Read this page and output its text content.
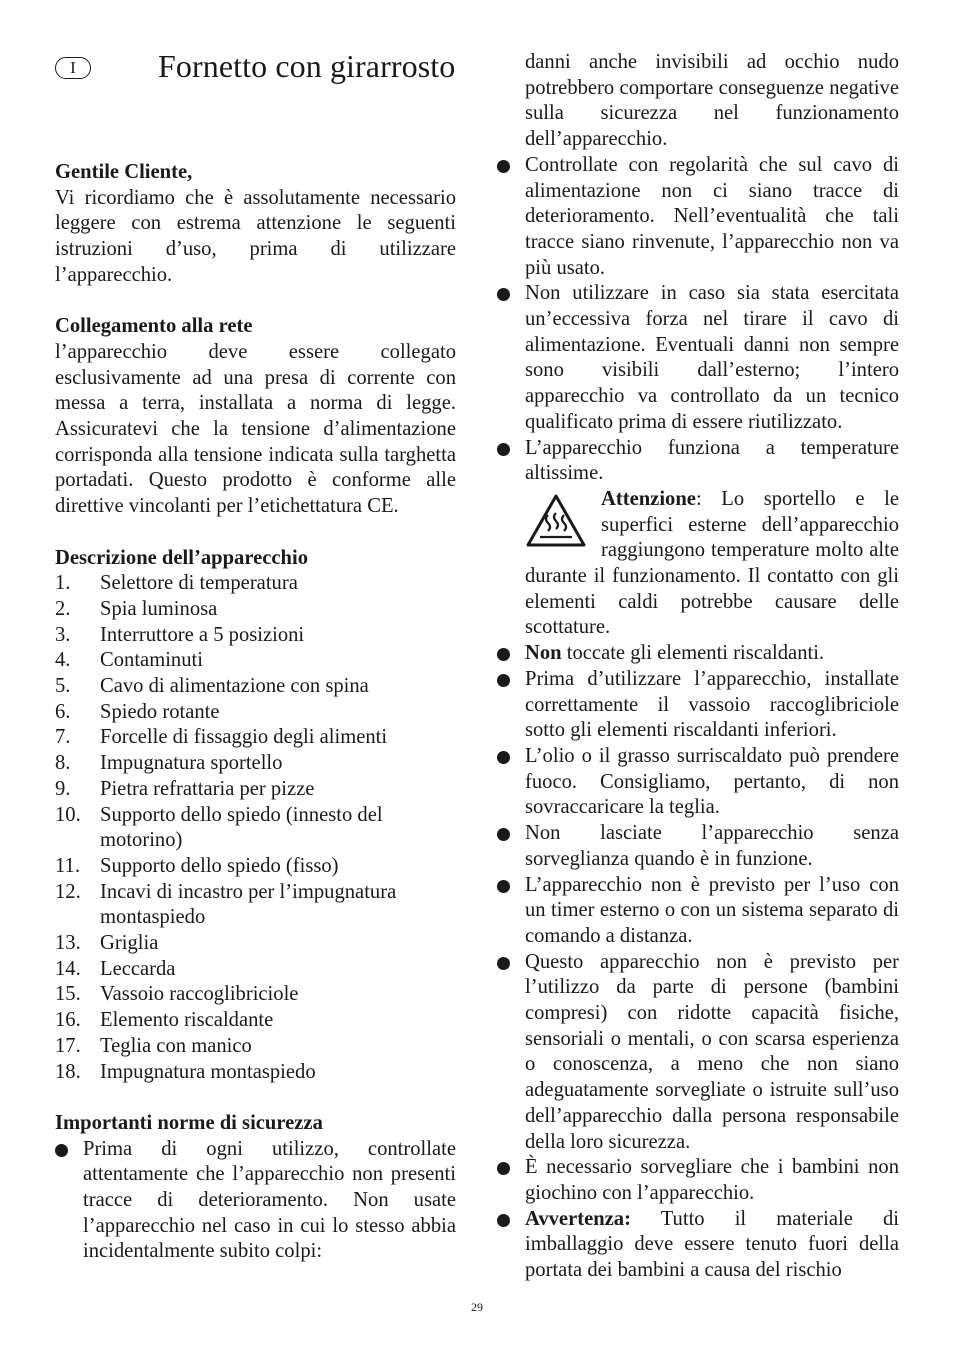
I	Fornetto con girarrosto

Gentile Cliente,

Vi ricordiamo che è assolutamente necessario leggere con estrema attenzione le seguenti istruzioni d’uso, prima di utilizzare l’apparecchio.

Collegamento alla rete

l’apparecchio deve essere collegato esclusivamente ad una presa di corrente con messa a terra, installata a norma di legge. Assicuratevi che la tensione d’alimentazione corrisponda alla tensione indicata sulla targhetta portadati. Questo prodotto è conforme alle direttive vincolanti per l’etichettatura CE.

Descrizione dell’apparecchio

1. Selettore di temperatura
2. Spia luminosa
3. Interruttore a 5 posizioni
4. Contaminuti
5. Cavo di alimentazione con spina
6. Spiedo rotante
7. Forcelle di fissaggio degli alimenti
8. Impugnatura sportello
9. Pietra refrattaria per pizze
10. Supporto dello spiedo (innesto del motorino)
11. Supporto dello spiedo (fisso)
12. Incavi di incastro per l’impugnatura montaspiedo
13. Griglia
14. Leccarda
15. Vassoio raccoglibriciole
16. Elemento riscaldante
17. Teglia con manico
18. Impugnatura montaspiedo

Importanti norme di sicurezza

Prima di ogni utilizzo, controllate attentamente che l’apparecchio non presenti tracce di deterioramento. Non usate l’apparecchio nel caso in cui lo stesso abbia incidentalmente subito colpi:

danni anche invisibili ad occhio nudo potrebbero comportare conseguenze negative sulla sicurezza nel funzionamento dell’apparecchio.

Controllate con regolarità che sul cavo di alimentazione non ci siano tracce di deterioramento. Nell’eventualità che tali tracce siano rinvenute, l’apparecchio non va più usato.
Non utilizzare in caso sia stata esercitata un’eccessiva forza nel tirare il cavo di alimentazione. Eventuali danni non sempre sono visibili dall’esterno; l’intero apparecchio va controllato da un tecnico qualificato prima di essere riutilizzato.
L’apparecchio funziona a temperature altissime.
Attenzione: Lo sportello e le superfici esterne dell’apparecchio raggiungono temperature molto alte durante il funzionamento. Il contatto con gli elementi caldi potrebbe causare delle scottature.
Non toccate gli elementi riscaldanti.
Prima d’utilizzare l’apparecchio, installate correttamente il vassoio raccoglibriciole sotto gli elementi riscaldanti inferiori.
L’olio o il grasso surriscaldato può prendere fuoco. Consigliamo, pertanto, di non sovraccaricare la teglia.
Non lasciate l’apparecchio senza sorveglianza quando è in funzione.
L’apparecchio non è previsto per l’uso con un timer esterno o con un sistema separato di comando a distanza.
Questo apparecchio non è previsto per l’utilizzo da parte di persone (bambini compresi) con ridotte capacità fisiche, sensoriali o mentali, o con scarsa esperienza o conoscenza, a meno che non siano adeguatamente sorvegliate o istruite sull’uso dell’apparecchio dalla persona responsabile della loro sicurezza.
È necessario sorvegliare che i bambini non giochino con l’apparecchio.
Avvertenza: Tutto il materiale di imballaggio deve essere tenuto fuori della portata dei bambini a causa del rischio
29
